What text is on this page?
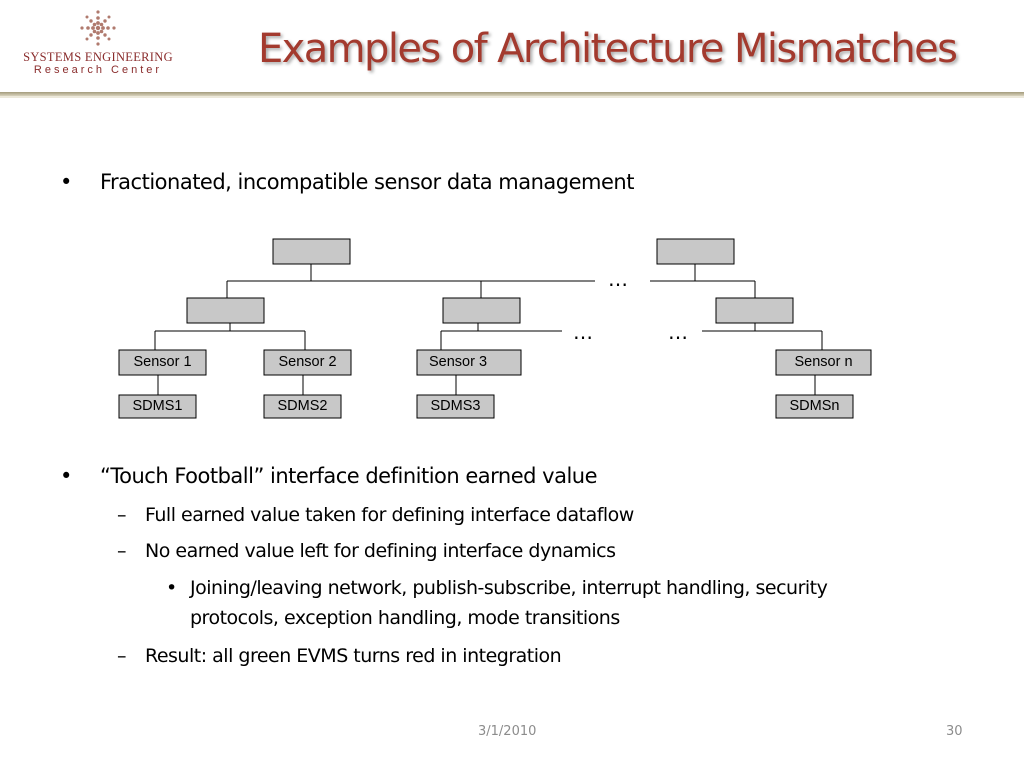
SYSTEMS ENGINEERING
Research Center	Examples of Architecture Mismatches
• Fractionated, incompatible sensor data management
Sensor 1	Sensor 2	Sensor 3	Sensor n
SDMS1	SDMS2	SDMS3	SDMSn
…
…	…
• “Touch Football” interface definition earned value
– Full earned value taken for defining interface dataflow
– No earned value left for defining interface dynamics
• Joining/leaving network, publish-subscribe, interrupt handling, security
protocols, exception handling, mode transitions
– Result: all green EVMS turns red in integration
3/1/2010	30
